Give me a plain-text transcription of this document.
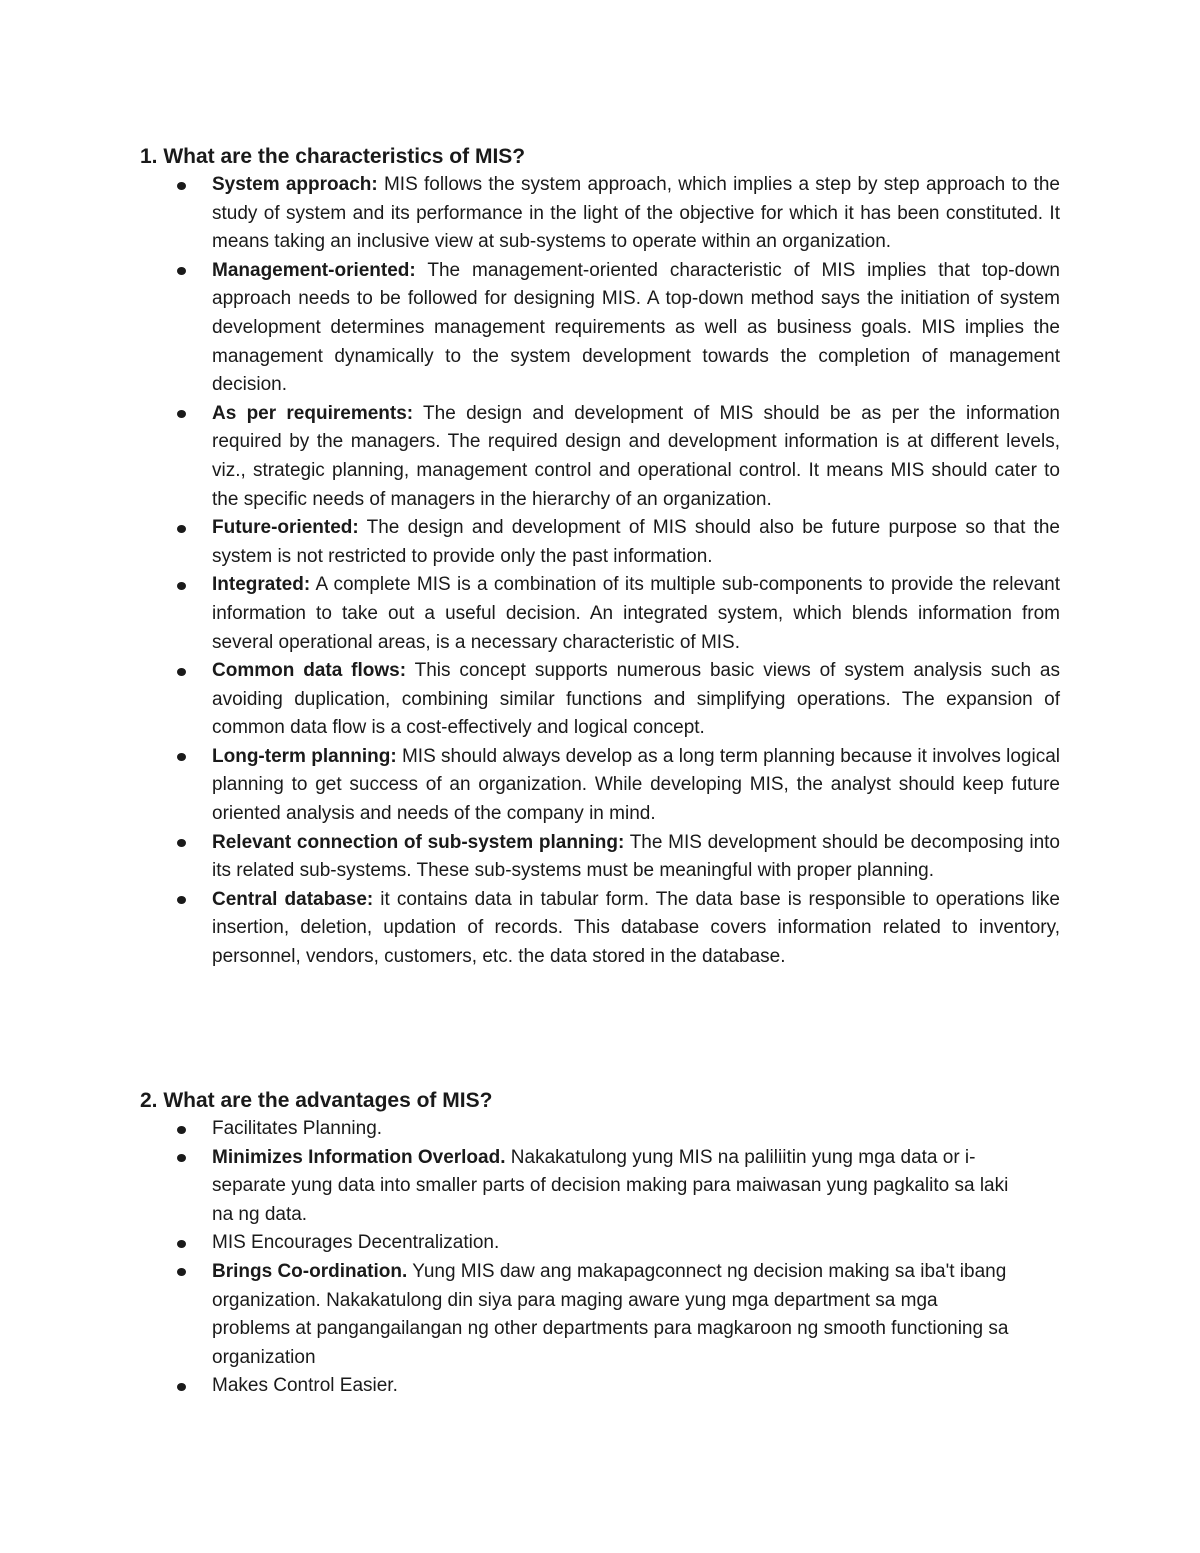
1. What are the characteristics of MIS?
System approach: MIS follows the system approach, which implies a step by step approach to the study of system and its performance in the light of the objective for which it has been constituted. It means taking an inclusive view at sub-systems to operate within an organization.
Management-oriented: The management-oriented characteristic of MIS implies that top-down approach needs to be followed for designing MIS. A top-down method says the initiation of system development determines management requirements as well as business goals. MIS implies the management dynamically to the system development towards the completion of management decision.
As per requirements: The design and development of MIS should be as per the information required by the managers. The required design and development information is at different levels, viz., strategic planning, management control and operational control. It means MIS should cater to the specific needs of managers in the hierarchy of an organization.
Future-oriented: The design and development of MIS should also be future purpose so that the system is not restricted to provide only the past information.
Integrated: A complete MIS is a combination of its multiple sub-components to provide the relevant information to take out a useful decision. An integrated system, which blends information from several operational areas, is a necessary characteristic of MIS.
Common data flows: This concept supports numerous basic views of system analysis such as avoiding duplication, combining similar functions and simplifying operations. The expansion of common data flow is a cost-effectively and logical concept.
Long-term planning: MIS should always develop as a long term planning because it involves logical planning to get success of an organization. While developing MIS, the analyst should keep future oriented analysis and needs of the company in mind.
Relevant connection of sub-system planning: The MIS development should be decomposing into its related sub-systems. These sub-systems must be meaningful with proper planning.
Central database: it contains data in tabular form. The data base is responsible to operations like insertion, deletion, updation of records. This database covers information related to inventory, personnel, vendors, customers, etc. the data stored in the database.
2. What are the advantages of MIS?
Facilitates Planning.
Minimizes Information Overload. Nakakatulong yung MIS na paliliitin yung mga data or i-separate yung data into smaller parts of decision making para maiwasan yung pagkalito sa laki na ng data.
MIS Encourages Decentralization.
Brings Co-ordination. Yung MIS daw ang makapagconnect ng decision making sa iba't ibang organization. Nakakatulong din siya para maging aware yung mga department sa mga problems at pangangailangan ng other departments para magkaroon ng smooth functioning sa organization
Makes Control Easier.
